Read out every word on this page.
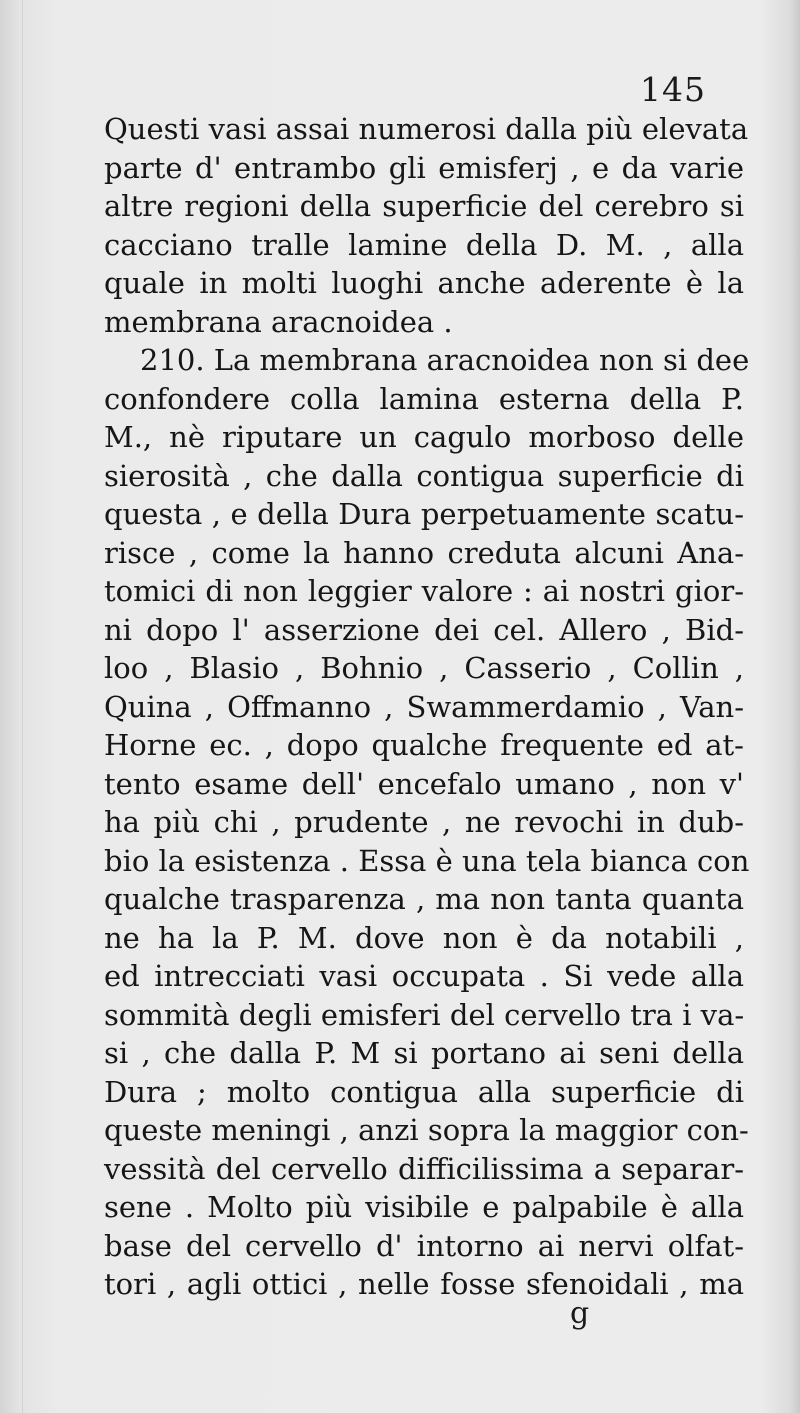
145
Questi vasi assai numerosi dalla più elevata
parte d' entrambo gli emisferj , e da varie
altre regioni della superficie del cerebro si
cacciano tralle lamine della D. M. , alla
quale in molti luoghi anche aderente è la
membrana aracnoidea .
210. La membrana aracnoidea non si dee
confondere colla lamina esterna della P.
M., nè riputare un cagulo morboso delle
sierosità , che dalla contigua superficie di
questa , e della Dura perpetuamente scatu-
risce , come la hanno creduta alcuni Ana-
tomici di non leggier valore : ai nostri gior-
ni dopo l' asserzione dei cel. Allero , Bid-
loo , Blasio , Bohnio , Casserio , Collin ,
Quina , Offmanno , Swammerdamio , Van-
Horne ec. , dopo qualche frequente ed at-
tento esame dell' encefalo umano , non v'
ha più chi , prudente , ne revochi in dub-
bio la esistenza . Essa è una tela bianca con
qualche trasparenza , ma non tanta quanta
ne ha la P. M. dove non è da notabili ,
ed intrecciati vasi occupata . Si vede alla
sommità degli emisferi del cervello tra i va-
si , che dalla P. M si portano ai seni della
Dura ; molto contigua alla superficie di
queste meningi , anzi sopra la maggior con-
vessità del cervello difficilissima a separar-
sene . Molto più visibile e palpabile è alla
base del cervello d' intorno ai nervi olfat-
tori , agli ottici , nelle fosse sfenoidali , ma
g
